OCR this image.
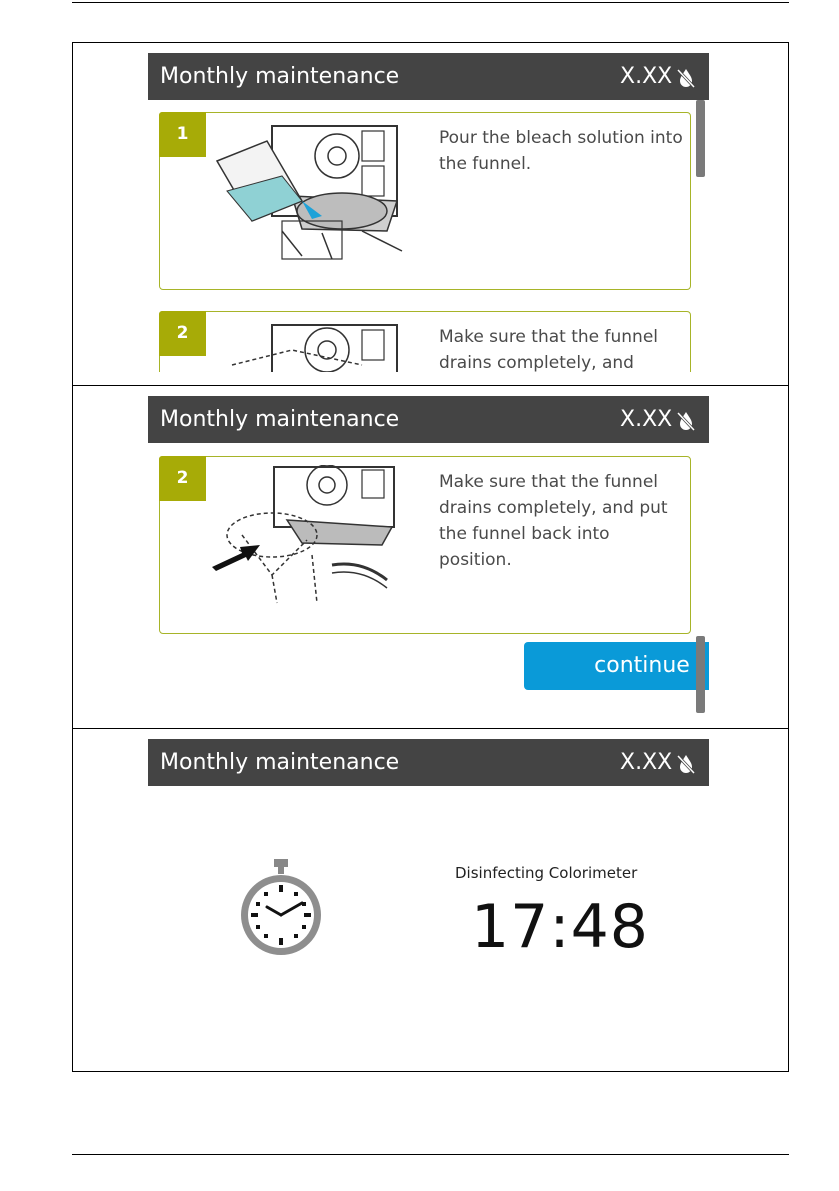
Monthly maintenance	X.XX
1	Pour the bleach solution into the funnel.
2	Make sure that the funnel drains completely, and
Monthly maintenance	X.XX
2	Make sure that the funnel drains completely, and put the funnel back into position.
continue
Monthly maintenance	X.XX
Disinfecting Colorimeter
17:48
